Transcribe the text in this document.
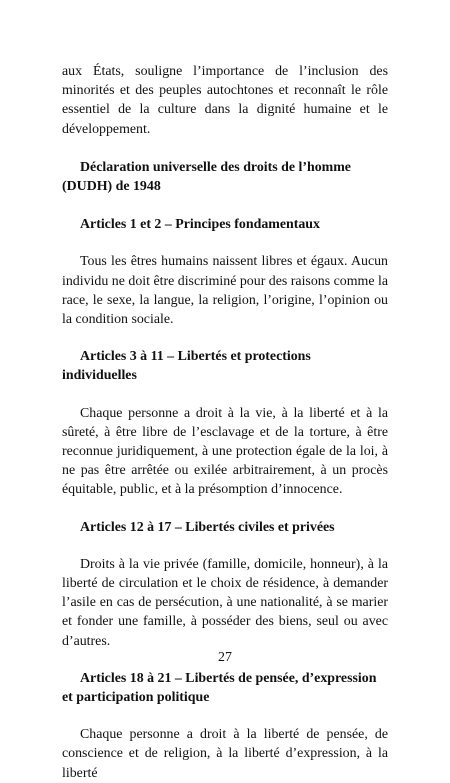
aux États, souligne l’importance de l’inclusion des minorités et des peuples autochtones et reconnaît le rôle essentiel de la culture dans la dignité humaine et le développement.

Déclaration universelle des droits de l’homme (DUDH) de 1948

Articles 1 et 2 – Principes fondamentaux

Tous les êtres humains naissent libres et égaux. Aucun individu ne doit être discriminé pour des raisons comme la race, le sexe, la langue, la religion, l’origine, l’opinion ou la condition sociale.

Articles 3 à 11 – Libertés et protections individuelles

Chaque personne a droit à la vie, à la liberté et à la sûreté, à être libre de l’esclavage et de la torture, à être reconnue juridiquement, à une protection égale de la loi, à ne pas être arrêtée ou exilée arbitrairement, à un procès équitable, public, et à la présomption d’innocence.

Articles 12 à 17 – Libertés civiles et privées

Droits à la vie privée (famille, domicile, honneur), à la liberté de circulation et le choix de résidence, à demander l’asile en cas de persécution, à une nationalité, à se marier et fonder une famille, à posséder des biens, seul ou avec d’autres.

Articles 18 à 21 – Libertés de pensée, d’expression et participation politique

Chaque personne a droit à la liberté de pensée, de conscience et de religion, à la liberté d’expression, à la liberté

27
